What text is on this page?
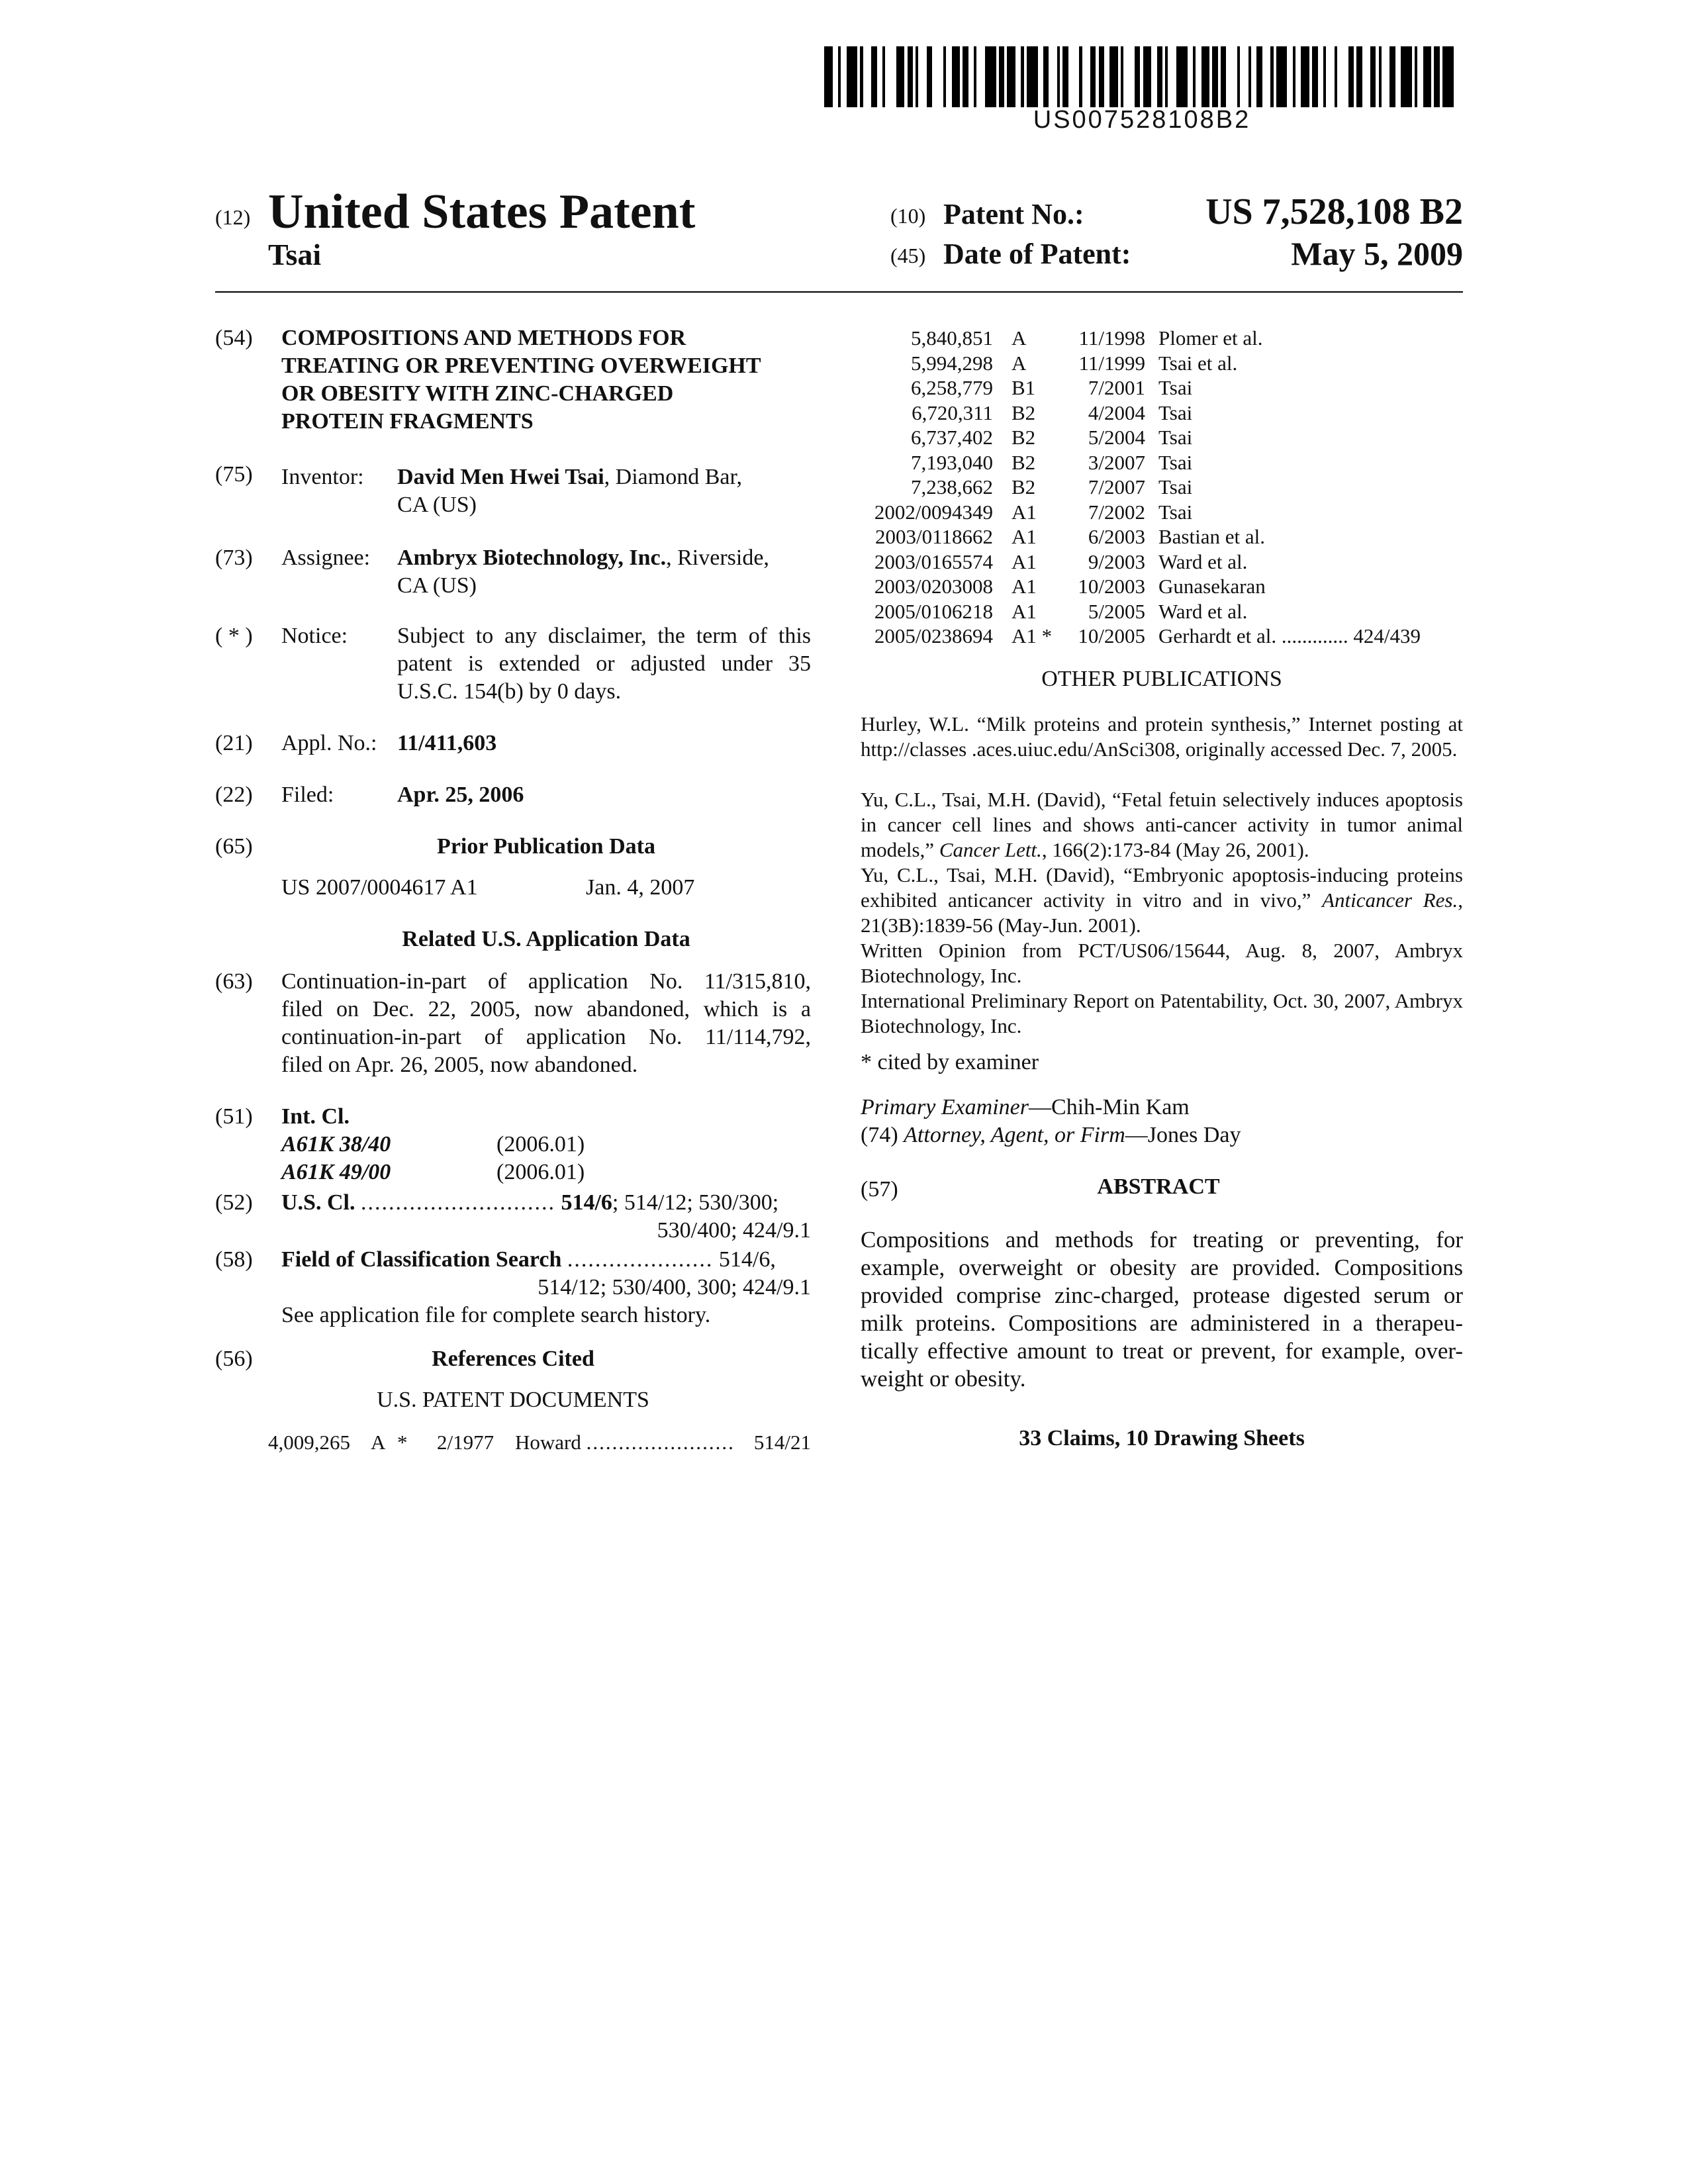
US007528108B2
(12) United States Patent
Tsai
(10) Patent No.:	US 7,528,108 B2
(45) Date of Patent:	May 5, 2009
(54) COMPOSITIONS AND METHODS FOR
TREATING OR PREVENTING OVERWEIGHT
OR OBESITY WITH ZINC-CHARGED
PROTEIN FRAGMENTS
(75) Inventor: David Men Hwei Tsai, Diamond Bar,
CA (US)
(73) Assignee: Ambryx Biotechnology, Inc., Riverside,
CA (US)
( * ) Notice: Subject to any disclaimer, the term of this
patent is extended or adjusted under 35
U.S.C. 154(b) by 0 days.
(21) Appl. No.: 11/411,603
(22) Filed:	Apr. 25, 2006
(65)	Prior Publication Data
US 2007/0004617 A1	Jan. 4, 2007
Related U.S. Application Data
(63) Continuation-in-part of application No. 11/315,810,
filed on Dec. 22, 2005, now abandoned, which is a
continuation-in-part of application No. 11/114,792,
filed on Apr. 26, 2005, now abandoned.
(51) Int. Cl.
A61K 38/40	(2006.01)
A61K 49/00	(2006.01)
(52) U.S. Cl. ............................ 514/6; 514/12; 530/300;
530/400; 424/9.1
(58) Field of Classification Search ..................... 514/6,
514/12; 530/400, 300; 424/9.1
See application file for complete search history.
(56)	References Cited
U.S. PATENT DOCUMENTS
4,009,265 A * 2/1977 Howard ....................... 514/21
5,840,851 A	11/1998 Plomer et al.
5,994,298 A	11/1999 Tsai et al.
6,258,779 B1	7/2001 Tsai
6,720,311 B2	4/2004 Tsai
6,737,402 B2	5/2004 Tsai
7,193,040 B2	3/2007 Tsai
7,238,662 B2	7/2007 Tsai
2002/0094349 A1	7/2002 Tsai
2003/0118662 A1	6/2003 Bastian et al.
2003/0165574 A1	9/2003 Ward et al.
2003/0203008 A1	10/2003 Gunasekaran
2005/0106218 A1	5/2005 Ward et al.
2005/0238694 A1 *	10/2005 Gerhardt et al. ............. 424/439
OTHER PUBLICATIONS
Hurley, W.L. “Milk proteins and protein synthesis,” Internet posting at http://classes .aces.uiuc.edu/AnSci308, originally accessed Dec. 7, 2005.
Yu, C.L., Tsai, M.H. (David), “Fetal fetuin selectively induces apoptosis in cancer cell lines and shows anti-cancer activity in tumor animal models,” Cancer Lett., 166(2):173-84 (May 26, 2001).
Yu, C.L., Tsai, M.H. (David), “Embryonic apoptosis-inducing proteins exhibited anticancer activity in vitro and in vivo,” Anticancer Res., 21(3B):1839-56 (May-Jun. 2001).
Written Opinion from PCT/US06/15644, Aug. 8, 2007, Ambryx Biotechnology, Inc.
International Preliminary Report on Patentability, Oct. 30, 2007, Ambryx Biotechnology, Inc.
* cited by examiner
Primary Examiner—Chih-Min Kam
(74) Attorney, Agent, or Firm—Jones Day
(57)	ABSTRACT
Compositions and methods for treating or preventing, for
example, overweight or obesity are provided. Compositions
provided comprise zinc-charged, protease digested serum or
milk proteins. Compositions are administered in a therapeu-
tically effective amount to treat or prevent, for example, over-
weight or obesity.
33 Claims, 10 Drawing Sheets
